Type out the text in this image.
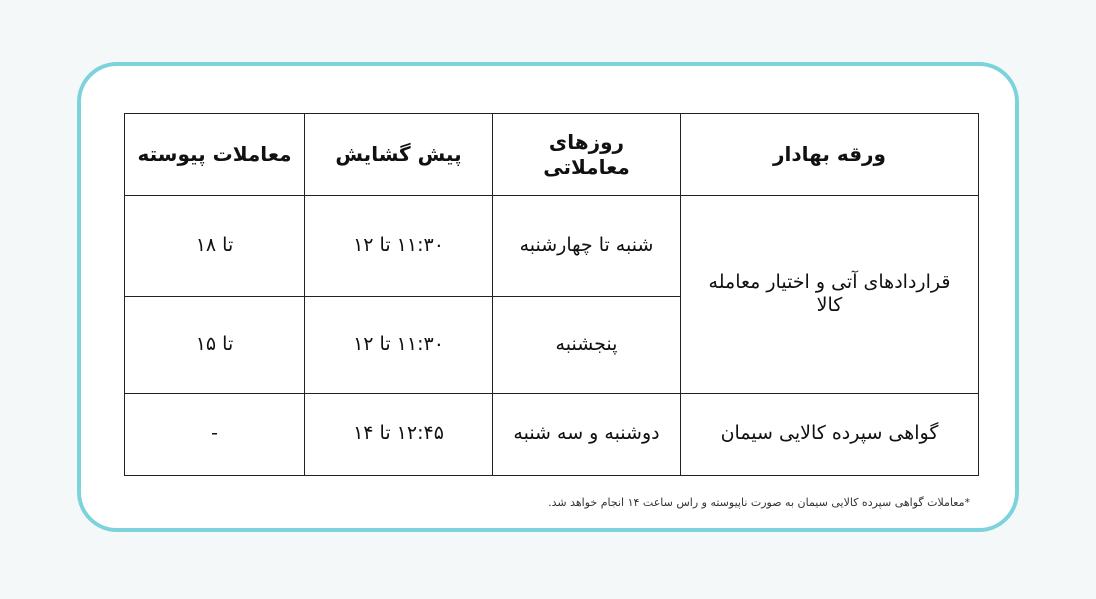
ورقه بهادار	روزهای معاملاتی	پیش گشایش	معاملات پیوسته
قراردادهای آتی و اختیار معامله کالا	شنبه تا چهارشنبه	۱۱:۳۰ تا ۱۲	تا ۱۸
	پنجشنبه	۱۱:۳۰ تا ۱۲	تا ۱۵
گواهی سپرده کالایی سیمان	دوشنبه و سه شنبه	۱۲:۴۵ تا ۱۴	-
*معاملات گواهی سپرده کالایی سیمان به صورت ناپیوسته و راس ساعت ۱۴ انجام خواهد شد.
